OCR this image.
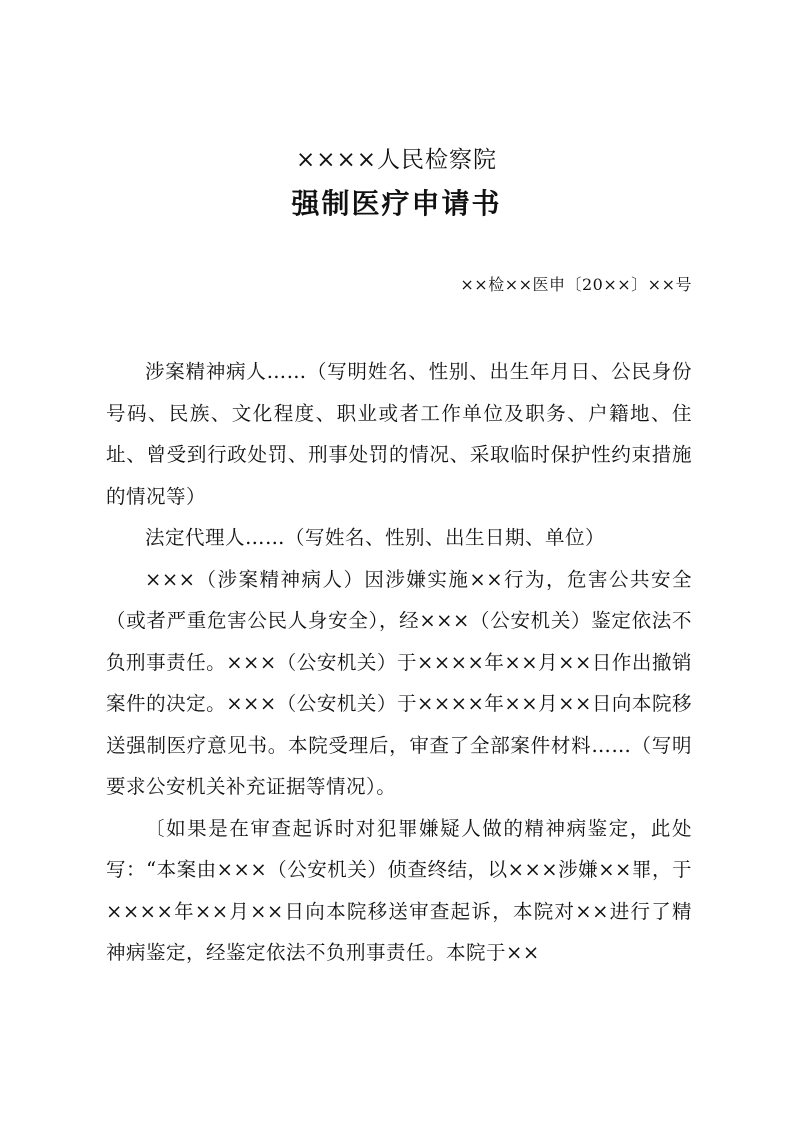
××××人民检察院
强制医疗申请书
××检××医申〔20××〕××号

涉案精神病人……（写明姓名、性别、出生年月日、公民身份号码、民族、文化程度、职业或者工作单位及职务、户籍地、住址、曾受到行政处罚、刑事处罚的情况、采取临时保护性约束措施的情况等）

法定代理人……（写姓名、性别、出生日期、单位）

×××（涉案精神病人）因涉嫌实施××行为，危害公共安全（或者严重危害公民人身安全），经×××（公安机关）鉴定依法不负刑事责任。×××（公安机关）于××××年××月××日作出撤销案件的决定。×××（公安机关）于××××年××月××日向本院移送强制医疗意见书。本院受理后，审查了全部案件材料……（写明要求公安机关补充证据等情况）。

〔如果是在审查起诉时对犯罪嫌疑人做的精神病鉴定，此处写：“本案由×××（公安机关）侦查终结，以×××涉嫌××罪，于××××年××月××日向本院移送审查起诉，本院对××进行了精神病鉴定，经鉴定依法不负刑事责任。本院于××
